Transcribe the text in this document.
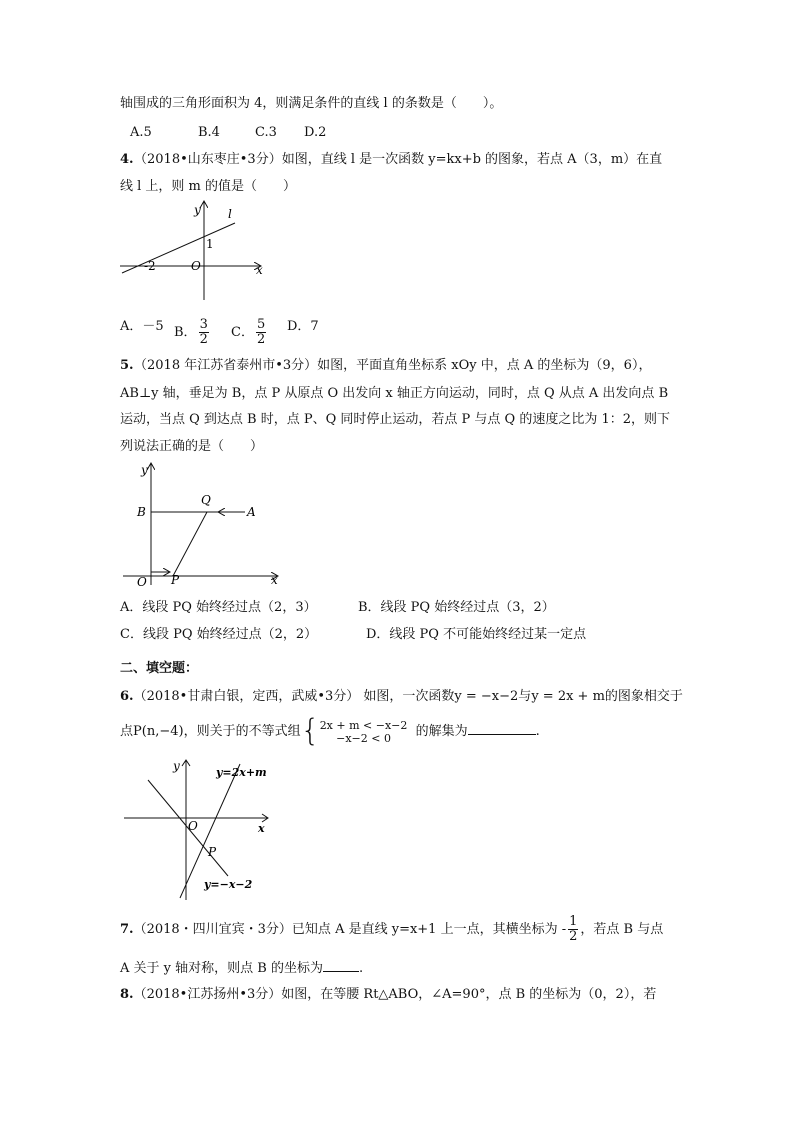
轴围成的三角形面积为 4，则满足条件的直线 l 的条数是（　　）。
A.5	B.4	C.3 D.2
4. （2018•山东枣庄•3分）如图，直线 l 是一次函数 y=kx+b 的图象，若点 A（3，m）在直
线 l 上，则 m 的值是（　　）
y
x
l
1
O
-2
A．－5 B． $\frac{3}{2}$ C． $\frac{5}{2}$ D．7
5. （2018 年江苏省泰州市•3分）如图，平面直角坐标系 xOy 中，点 A 的坐标为（9，6），
AB⊥y 轴，垂足为 B，点 P 从原点 O 出发向 x 轴正方向运动，同时，点 Q 从点 A 出发向点 B
运动，当点 Q 到达点 B 时，点 P、Q 同时停止运动，若点 P 与点 Q 的速度之比为 1：2，则下
列说法正确的是（　　）
y
x
B
Q
A
O P
A．线段 PQ 始终经过点（2，3）	B．线段 PQ 始终经过点（3，2）
C．线段 PQ 始终经过点（2，2）	D．线段 PQ 不可能始终经过某一定点
二、填空题：
6.（2018•甘肃白银，定西，武威•3分） 如图，一次函数y = −x−2与y = 2x + m的图象相交于
点P(n,−4)，则关于的不等式组{ 2x + m < −x−2
−x−2 < 0	的解集为	.
y
x
O
P
y=2x+m
y=−x−2
7.（2018・四川宜宾・3分）已知点 A 是直线 y=x+1 上一点，其横坐标为 - $\frac{1}{2}$ ，若点 B 与点
A 关于 y 轴对称，则点 B 的坐标为	.
8.（2018•江苏扬州•3分）如图，在等腰 Rt△ABO，∠A=90°，点 B 的坐标为（0，2），若
